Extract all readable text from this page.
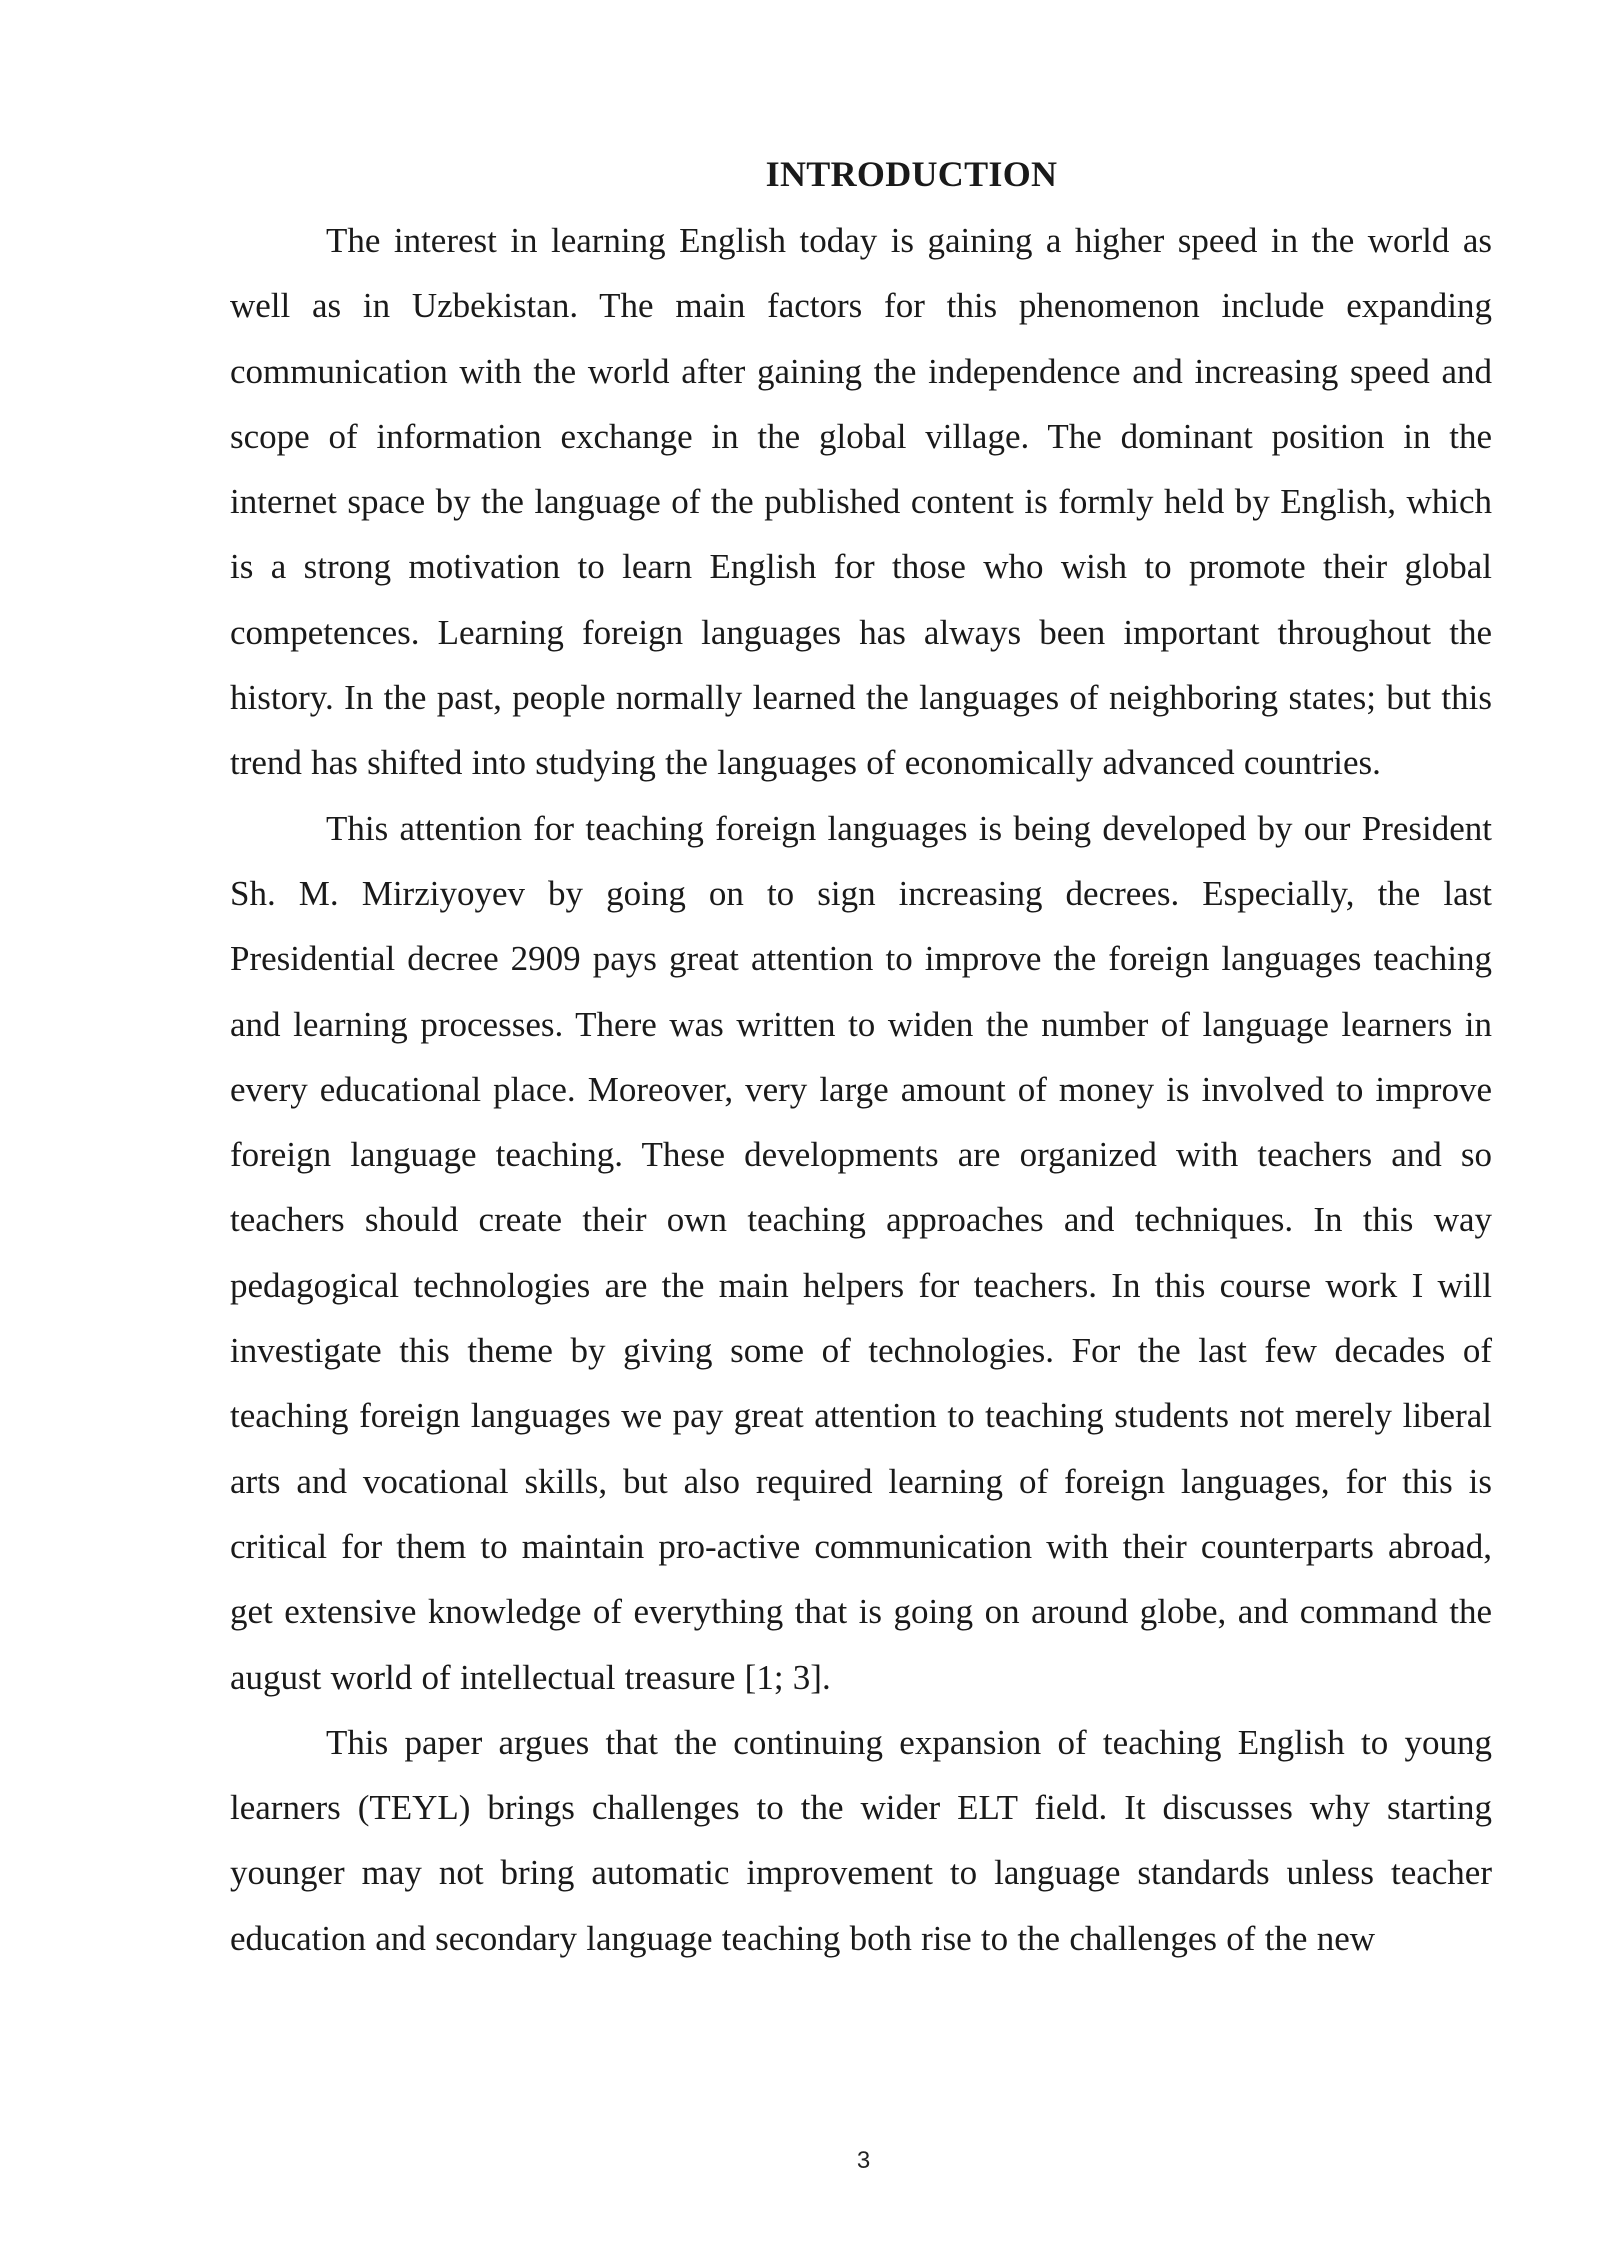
INTRODUCTION

The interest in learning English today is gaining a higher speed in the world as well as in Uzbekistan. The main factors for this phenomenon include expanding communication with the world after gaining the independence and increasing speed and scope of information exchange in the global village. The dominant position in the internet space by the language of the published content is formly held by English, which is a strong motivation to learn English for those who wish to promote their global competences. Learning foreign languages has always been important throughout the history. In the past, people normally learned the languages of neighboring states; but this trend has shifted into studying the languages of economically advanced countries.

This attention for teaching foreign languages is being developed by our President Sh. M. Mirziyoyev by going on to sign increasing decrees. Especially, the last Presidential decree 2909 pays great attention to improve the foreign languages teaching and learning processes. There was written to widen the number of language learners in every educational place. Moreover, very large amount of money is involved to improve foreign language teaching. These developments are organized with teachers and so teachers should create their own teaching approaches and techniques. In this way pedagogical technologies are the main helpers for teachers. In this course work I will investigate this theme by giving some of technologies. For the last few decades of teaching foreign languages we pay great attention to teaching students not merely liberal arts and vocational skills, but also required learning of foreign languages, for this is critical for them to maintain pro-active communication with their counterparts abroad, get extensive knowledge of everything that is going on around globe, and command the august world of intellectual treasure [1; 3].

This paper argues that the continuing expansion of teaching English to young learners (TEYL) brings challenges to the wider ELT field. It discusses why starting younger may not bring automatic improvement to language standards unless teacher education and secondary language teaching both rise to the challenges of the new

3
